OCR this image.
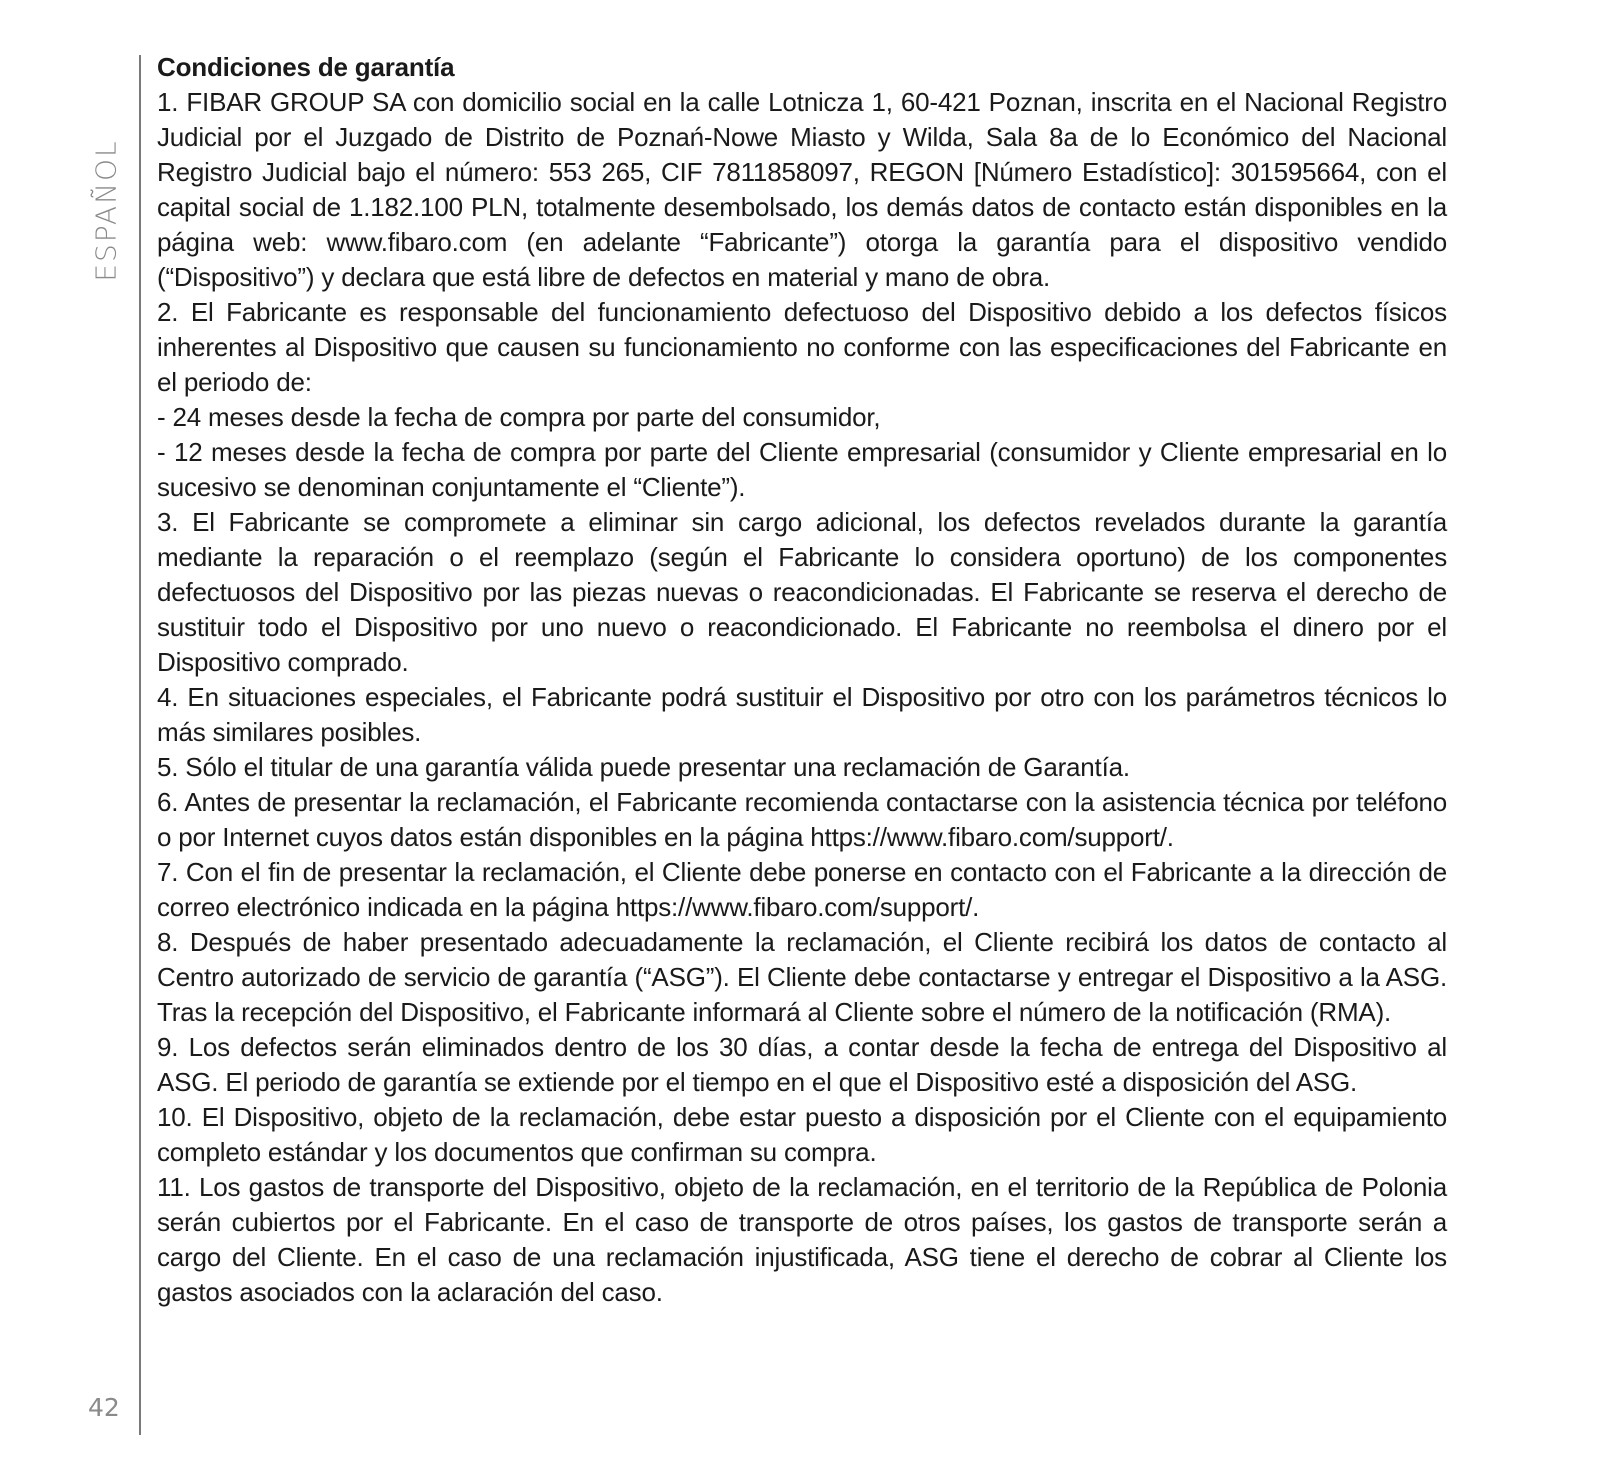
ESPAÑOL
42

Condiciones de garantía

1. FIBAR GROUP SA con domicilio social en la calle Lotnicza 1, 60-421 Poznan, inscrita en el Nacional Registro Judicial por el Juzgado de Distrito de Poznań-Nowe Miasto y Wilda, Sala 8a de lo Económico del Nacional Registro Judicial bajo el número: 553 265, CIF 7811858097, REGON [Número Estadístico]: 301595664, con el capital social de 1.182.100 PLN, totalmente desembolsado, los demás datos de contacto están disponibles en la página web: www.fibaro.com (en adelante “Fabricante”) otorga la garantía para el dispositivo vendido (“Dispositivo”) y declara que está libre de defectos en material y mano de obra.

2. El Fabricante es responsable del funcionamiento defectuoso del Dispositivo debido a los defectos físicos inherentes al Dispositivo que causen su funcionamiento no conforme con las especificaciones del Fabricante en el periodo de:

- 24 meses desde la fecha de compra por parte del consumidor,

- 12 meses desde la fecha de compra por parte del Cliente empresarial (consumidor y Cliente empresarial en lo sucesivo se denominan conjuntamente el “Cliente”).

3. El Fabricante se compromete a eliminar sin cargo adicional, los defectos revelados durante la garantía mediante la reparación o el reemplazo (según el Fabricante lo considera oportuno) de los componentes defectuosos del Dispositivo por las piezas nuevas o reacondicionadas. El Fabricante se reserva el derecho de sustituir todo el Dispositivo por uno nuevo o reacondicionado. El Fabricante no reembolsa el dinero por el Dispositivo comprado.

4. En situaciones especiales, el Fabricante podrá sustituir el Dispositivo por otro con los parámetros técnicos lo más similares posibles.

5. Sólo el titular de una garantía válida puede presentar una reclamación de Garantía.

6. Antes de presentar la reclamación, el Fabricante recomienda contactarse con la asistencia técnica por teléfono o por Internet cuyos datos están disponibles en la página https://www.fibaro.com/support/.

7. Con el fin de presentar la reclamación, el Cliente debe ponerse en contacto con el Fabricante a la dirección de correo electrónico indicada en la página https://www.fibaro.com/support/.

8. Después de haber presentado adecuadamente la reclamación, el Cliente recibirá los datos de contacto al Centro autorizado de servicio de garantía (“ASG”). El Cliente debe contactarse y entregar el Dispositivo a la ASG. Tras la recepción del Dispositivo, el Fabricante informará al Cliente sobre el número de la notificación (RMA).

9. Los defectos serán eliminados dentro de los 30 días, a contar desde la fecha de entrega del Dispositivo al ASG. El periodo de garantía se extiende por el tiempo en el que el Dispositivo esté a disposición del ASG.

10. El Dispositivo, objeto de la reclamación, debe estar puesto a disposición por el Cliente con el equipamiento completo estándar y los documentos que confirman su compra.

11. Los gastos de transporte del Dispositivo, objeto de la reclamación, en el territorio de la República de Polonia serán cubiertos por el Fabricante. En el caso de transporte de otros países, los gastos de transporte serán a cargo del Cliente. En el caso de una reclamación injustificada, ASG tiene el derecho de cobrar al Cliente los gastos asociados con la aclaración del caso.
